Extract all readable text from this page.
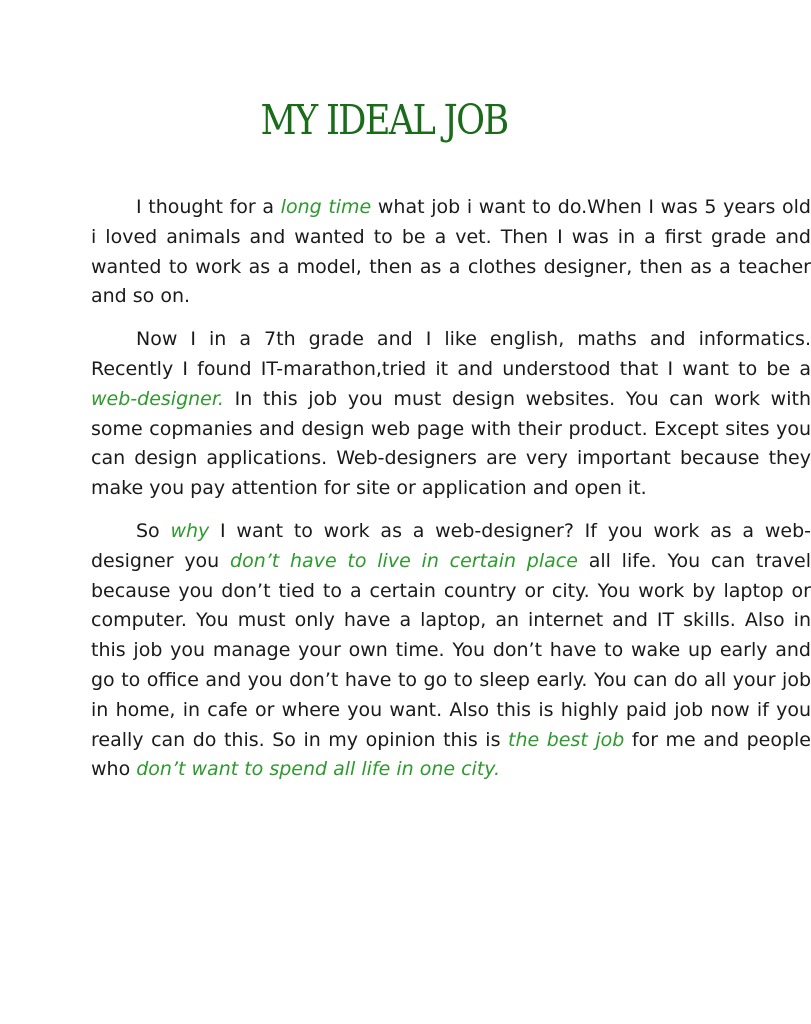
MY IDEAL JOB

I thought for a long time what job i want to do.When I was 5 years old i loved animals and wanted to be a vet. Then I was in a first grade and wanted to work as a model, then as a clothes designer, then as a teacher and so on.

Now I in a 7th grade and I like english, maths and informatics. Recently I found IT-marathon,tried it and understood that I want to be a web-designer. In this job you must design websites. You can work with some copmanies and design web page with their product. Except sites you can design applications. Web-designers are very important because they make you pay attention for site or application and open it.

So why I want to work as a web-designer? If you work as a web-designer you don’t have to live in certain place all life. You can travel because you don’t tied to a certain country or city. You work by laptop or computer. You must only have a laptop, an internet and IT skills. Also in this job you manage your own time. You don’t have to wake up early and go to office and you don’t have to go to sleep early. You can do all your job in home, in cafe or where you want. Also this is highly paid job now if you really can do this. So in my opinion this is the best job for me and people who don’t want to spend all life in one city.
